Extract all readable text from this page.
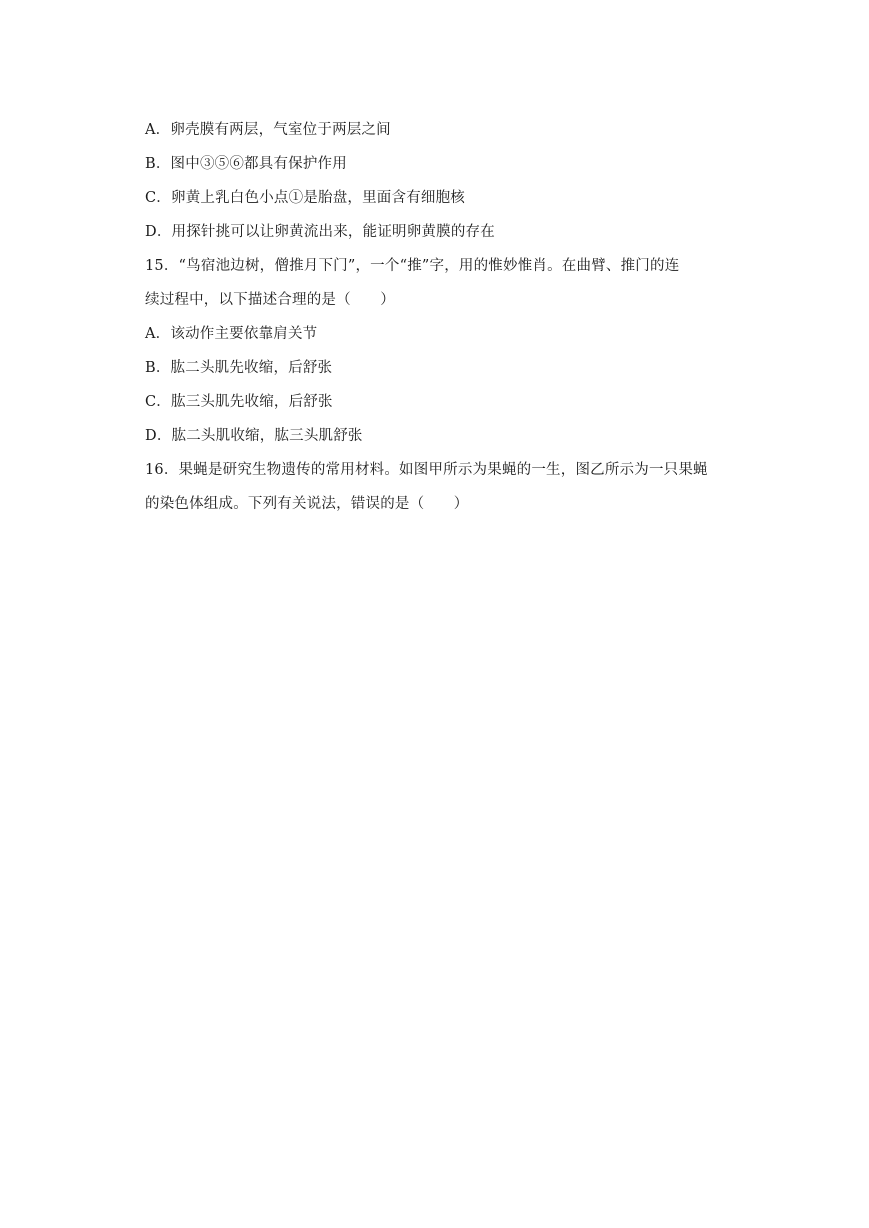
A．卵壳膜有两层，气室位于两层之间
B．图中③⑤⑥都具有保护作用
C．卵黄上乳白色小点①是胎盘，里面含有细胞核
D．用探针挑可以让卵黄流出来，能证明卵黄膜的存在
15．“鸟宿池边树，僧推月下门”，一个“推”字，用的惟妙惟肖。在曲臂、推门的连
续过程中，以下描述合理的是（　　）
A．该动作主要依靠肩关节
B．肱二头肌先收缩，后舒张
C．肱三头肌先收缩，后舒张
D．肱二头肌收缩，肱三头肌舒张
16．果蝇是研究生物遗传的常用材料。如图甲所示为果蝇的一生，图乙所示为一只果蝇
的染色体组成。下列有关说法，错误的是（　　）
